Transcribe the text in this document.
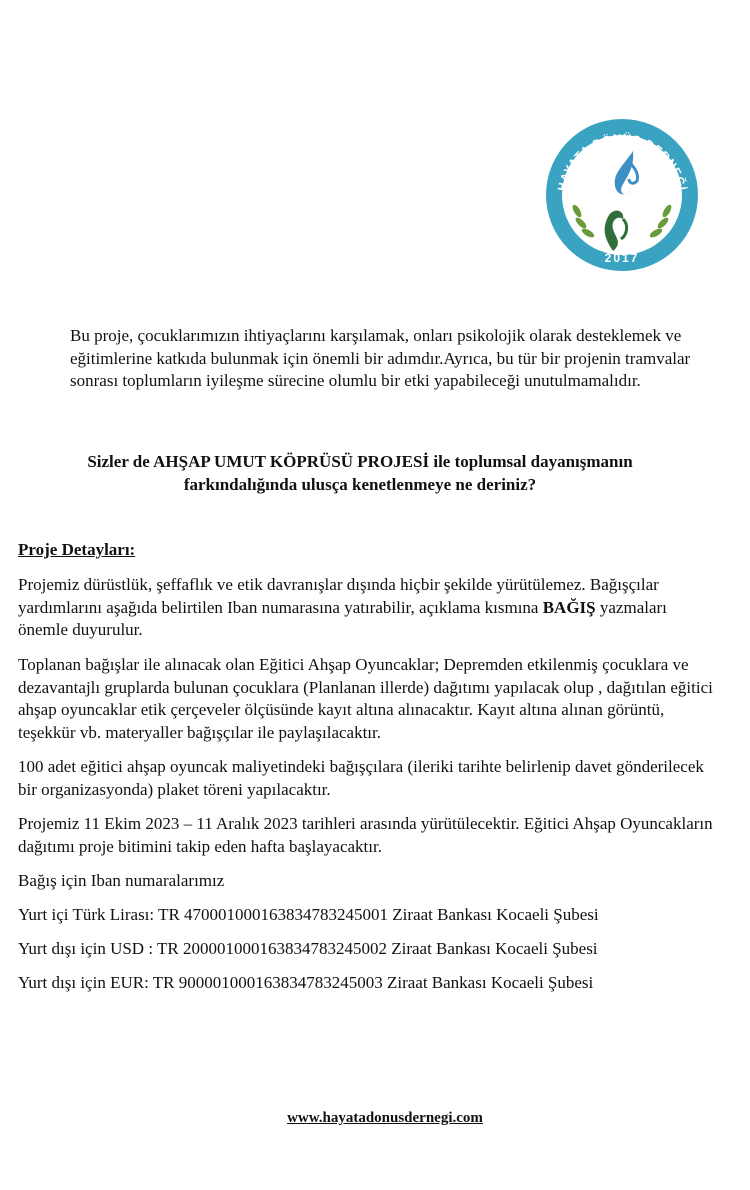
HAYATA DÖNÜŞ DERNEĞİ
2017

Bu proje, çocuklarımızın ihtiyaçlarını karşılamak, onları psikolojik olarak desteklemek ve eğitimlerine katkıda bulunmak için önemli bir adımdır.Ayrıca, bu tür bir projenin tramvalar sonrası toplumların iyileşme sürecine olumlu bir etki yapabileceği unutulmamalıdır.

Sizler de AHŞAP UMUT KÖPRÜSÜ PROJESİ ile toplumsal dayanışmanın farkındalığında ulusça kenetlenmeye ne deriniz?

Proje Detayları:

Projemiz dürüstlük, şeffaflık ve etik davranışlar dışında hiçbir şekilde yürütülemez. Bağışçılar yardımlarını aşağıda belirtilen Iban numarasına yatırabilir, açıklama kısmına BAĞIŞ yazmaları önemle duyurulur.

Toplanan bağışlar ile alınacak olan Eğitici Ahşap Oyuncaklar; Depremden etkilenmiş çocuklara ve dezavantajlı gruplarda bulunan çocuklara (Planlanan illerde) dağıtımı yapılacak olup , dağıtılan eğitici ahşap oyuncaklar etik çerçeveler ölçüsünde kayıt altına alınacaktır. Kayıt altına alınan görüntü, teşekkür vb. materyaller bağışçılar ile paylaşılacaktır.

100 adet eğitici ahşap oyuncak maliyetindeki bağışçılara (ileriki tarihte belirlenip davet gönderilecek bir organizasyonda) plaket töreni yapılacaktır.

Projemiz 11 Ekim 2023 – 11 Aralık 2023 tarihleri arasında yürütülecektir. Eğitici Ahşap Oyuncakların dağıtımı proje bitimini takip eden hafta başlayacaktır.

Bağış için Iban numaralarımız

Yurt içi Türk Lirası: TR 470001000163834783245001 Ziraat Bankası Kocaeli Şubesi

Yurt dışı için USD : TR 200001000163834783245002 Ziraat Bankası Kocaeli Şubesi

Yurt dışı için EUR: TR 900001000163834783245003 Ziraat Bankası Kocaeli Şubesi

www.hayatadonusdernegi.com
